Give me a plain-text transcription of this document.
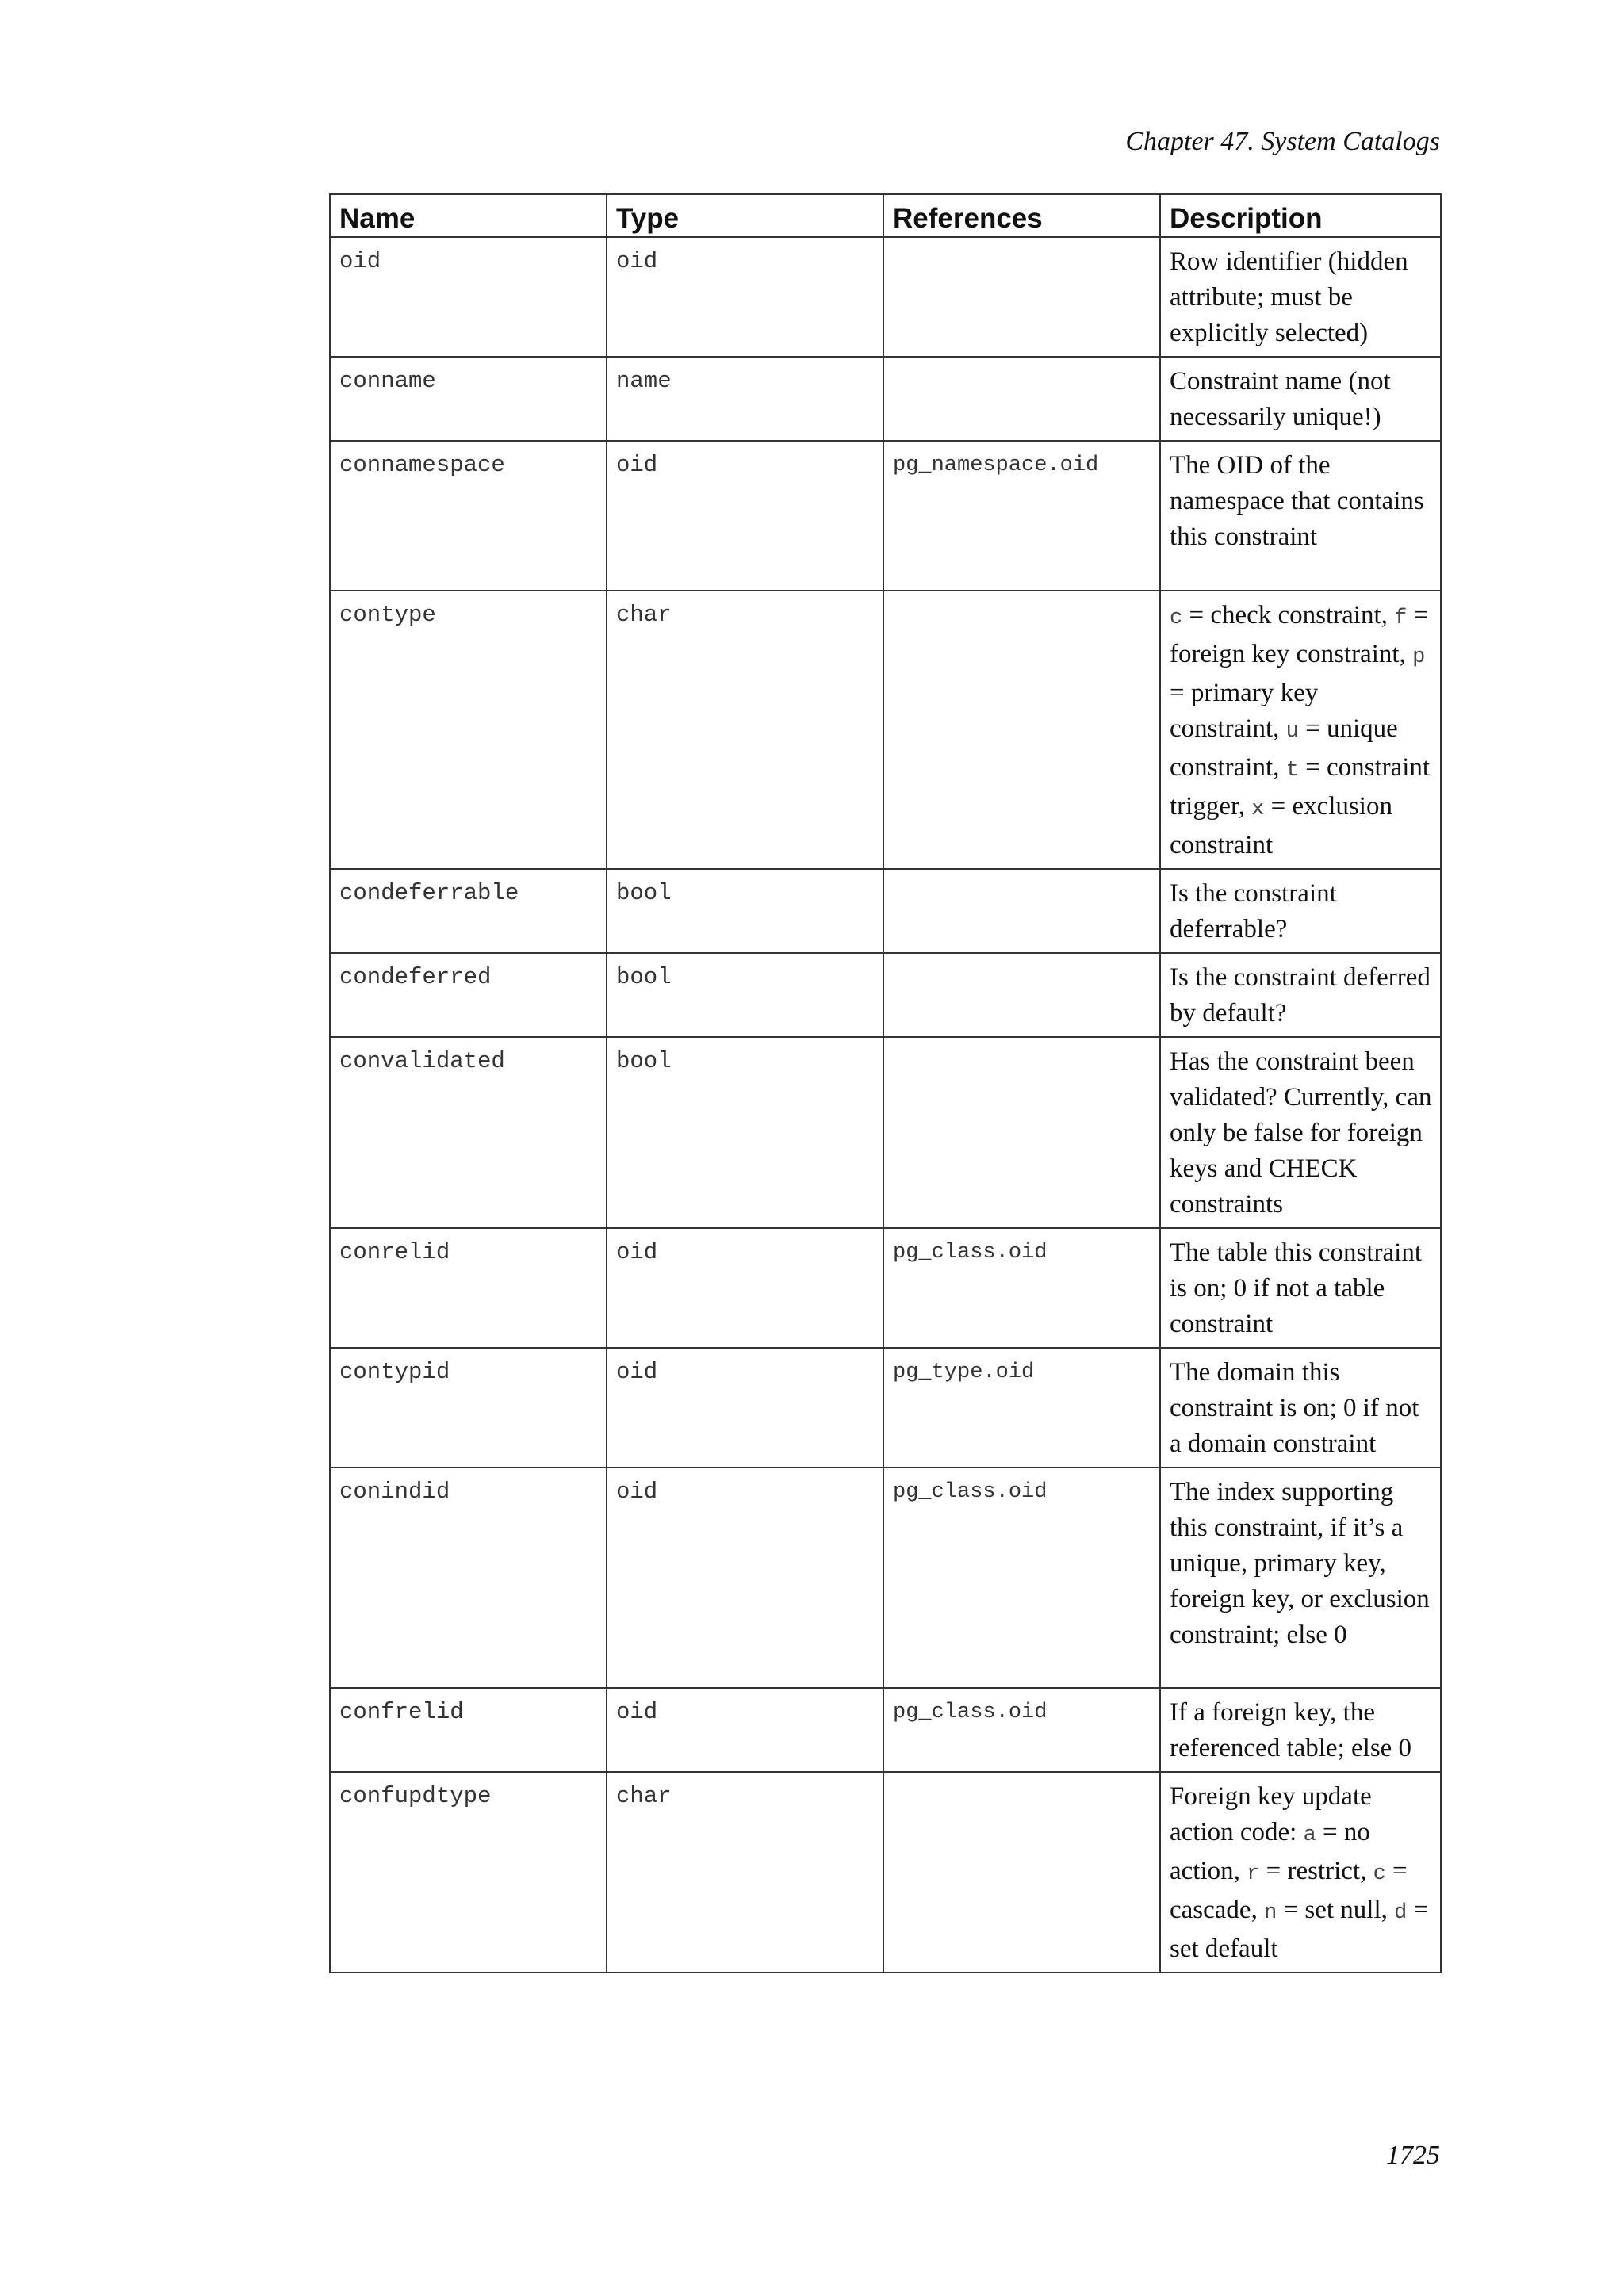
Chapter 47. System Catalogs
Name	Type	References	Description
oid	oid		Row identifier (hidden attribute; must be explicitly selected)
conname	name		Constraint name (not necessarily unique!)
connamespace	oid	pg_namespace.oid	The OID of the namespace that contains this constraint
contype	char		c = check constraint, f = foreign key constraint, p = primary key constraint, u = unique constraint, t = constraint trigger, x = exclusion constraint
condeferrable	bool		Is the constraint deferrable?
condeferred	bool		Is the constraint deferred by default?
convalidated	bool		Has the constraint been validated? Currently, can only be false for foreign keys and CHECK constraints
conrelid	oid	pg_class.oid	The table this constraint is on; 0 if not a table constraint
contypid	oid	pg_type.oid	The domain this constraint is on; 0 if not a domain constraint
conindid	oid	pg_class.oid	The index supporting this constraint, if it’s a unique, primary key, foreign key, or exclusion constraint; else 0
confrelid	oid	pg_class.oid	If a foreign key, the referenced table; else 0
confupdtype	char		Foreign key update action code: a = no action, r = restrict, c = cascade, n = set null, d = set default
1725
